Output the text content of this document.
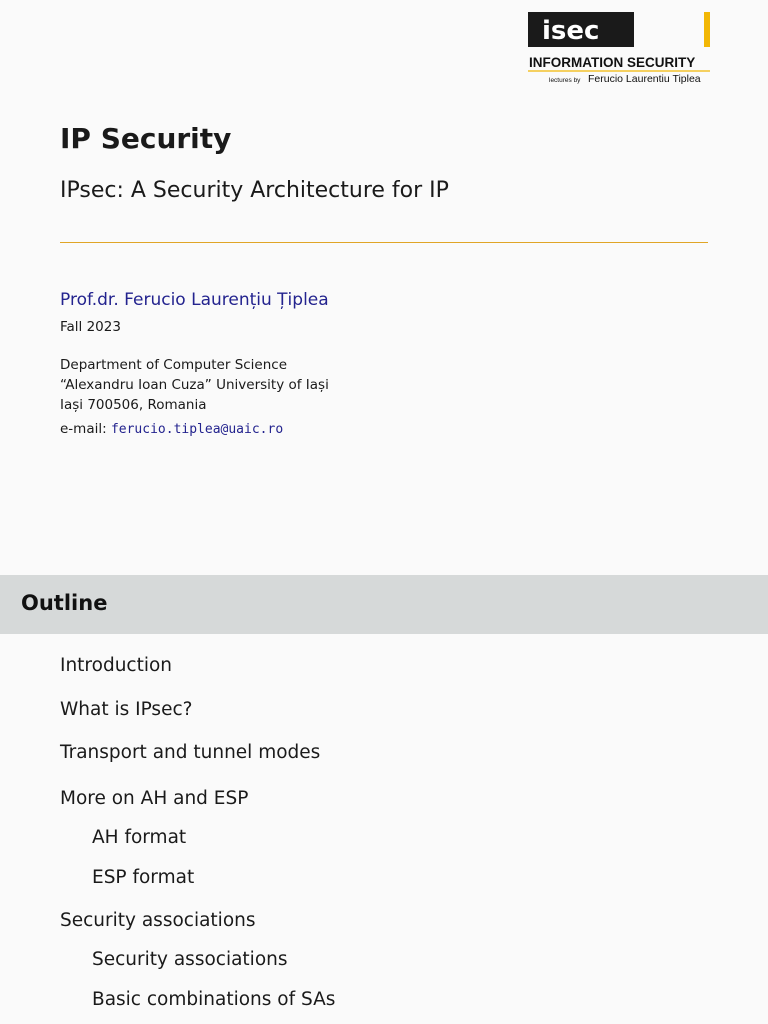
isec
INFORMATION SECURITY
lectures by Ferucio Laurentiu Tiplea
IP Security

IPsec: A Security Architecture for IP

Prof.dr. Ferucio Laurențiu Țiplea
Fall 2023
Department of Computer Science
“Alexandru Ioan Cuza” University of Iași
Iași 700506, Romania
e-mail: ferucio.tiplea@uaic.ro
Outline
Introduction
What is IPsec?
Transport and tunnel modes
More on AH and ESP
AH format
ESP format
Security associations
Security associations
Basic combinations of SAs
